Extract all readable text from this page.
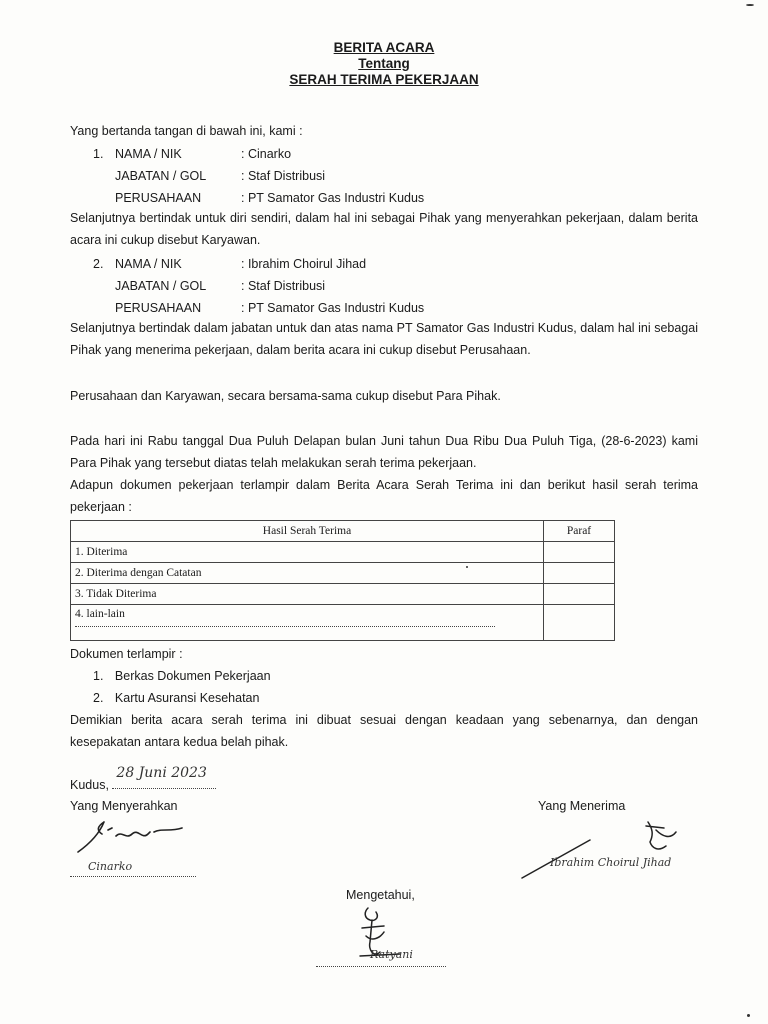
BERITA ACARA
Tentang
SERAH TERIMA PEKERJAAN
Yang bertanda tangan di bawah ini, kami :
1. NAMA / NIK	: Cinarko
JABATAN / GOL	: Staf Distribusi
PERUSAHAAN	: PT Samator Gas Industri Kudus
Selanjutnya bertindak untuk diri sendiri, dalam hal ini sebagai Pihak yang menyerahkan pekerjaan, dalam berita acara ini cukup disebut Karyawan.
2. NAMA / NIK	: Ibrahim Choirul Jihad
JABATAN / GOL	: Staf Distribusi
PERUSAHAAN	: PT Samator Gas Industri Kudus
Selanjutnya bertindak dalam jabatan untuk dan atas nama PT Samator Gas Industri Kudus, dalam hal ini sebagai Pihak yang menerima pekerjaan, dalam berita acara ini cukup disebut Perusahaan.
Perusahaan dan Karyawan, secara bersama-sama cukup disebut Para Pihak.
Pada hari ini Rabu tanggal Dua Puluh Delapan bulan Juni tahun Dua Ribu Dua Puluh Tiga, (28-6-2023) kami Para Pihak yang tersebut diatas telah melakukan serah terima pekerjaan.
Adapun dokumen pekerjaan terlampir dalam Berita Acara Serah Terima ini dan berikut hasil serah terima pekerjaan :
Hasil Serah Terima	Paraf
1. Diterima	
2. Diterima dengan Catatan	
3. Tidak Diterima	

4. lain-lain	

Dokumen terlampir :
1. Berkas Dokumen Pekerjaan
2. Kartu Asuransi Kesehatan
Demikian berita acara serah terima ini dibuat sesuai dengan keadaan yang sebenarnya, dan dengan kesepakatan antara kedua belah pihak.
Kudus,
28 Juni 2023
Yang Menyerahkan
Cinarko
Yang Menerima
Ibrahim Choirul Jihad
Mengetahui,
Ratyani
